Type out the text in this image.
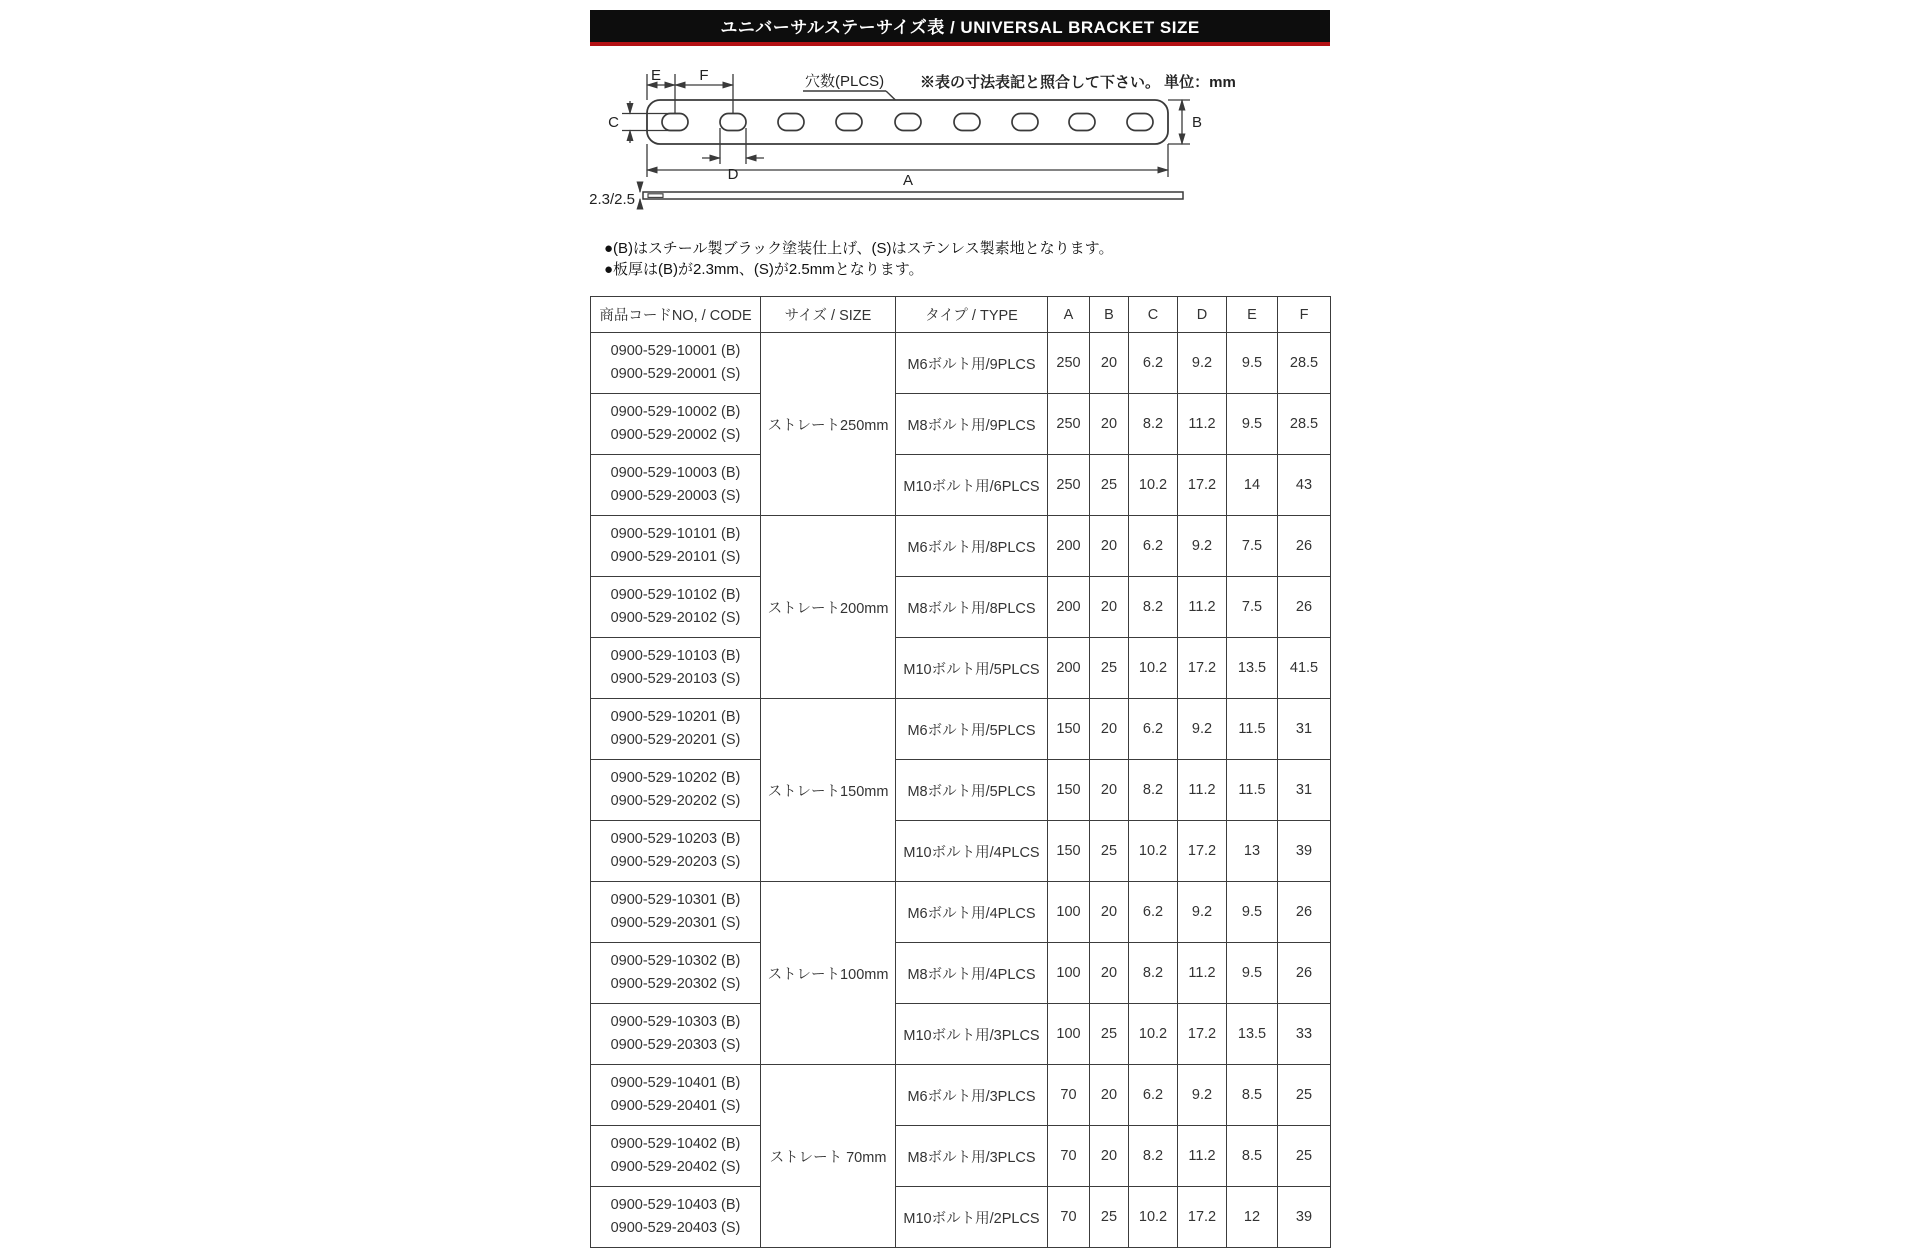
ユニバーサルステーサイズ表 / UNIVERSAL BRACKET SIZE
穴数(PLCS) ※表の寸法表記と照合して下さい。 単位：mm
E	F
C	B
D	A
2.3/2.5
●(B)はスチール製ブラック塗装仕上げ、(S)はステンレス製素地となります。
●板厚は(B)が2.3mm、(S)が2.5mmとなります。
商品コードNO, / CODE	サイズ / SIZE	タイプ / TYPE	A	B	C	D	E	F

0900-529-10001 (B)
0900-529-20001 (S)	ストレート250mm	M6ボルト用/9PLCS	250	20	6.2	9.2	9.5	28.5

0900-529-10002 (B)
0900-529-20002 (S)		M8ボルト用/9PLCS	250	20	8.2	11.2	9.5	28.5

0900-529-10003 (B)
0900-529-20003 (S)		M10ボルト用/6PLCS	250	25	10.2	17.2	14	43

0900-529-10101 (B)
0900-529-20101 (S)	ストレート200mm	M6ボルト用/8PLCS	200	20	6.2	9.2	7.5	26

0900-529-10102 (B)
0900-529-20102 (S)		M8ボルト用/8PLCS	200	20	8.2	11.2	7.5	26

0900-529-10103 (B)
0900-529-20103 (S)		M10ボルト用/5PLCS	200	25	10.2	17.2	13.5	41.5

0900-529-10201 (B)
0900-529-20201 (S)	ストレート150mm	M6ボルト用/5PLCS	150	20	6.2	9.2	11.5	31

0900-529-10202 (B)
0900-529-20202 (S)		M8ボルト用/5PLCS	150	20	8.2	11.2	11.5	31

0900-529-10203 (B)
0900-529-20203 (S)		M10ボルト用/4PLCS	150	25	10.2	17.2	13	39

0900-529-10301 (B)
0900-529-20301 (S)	ストレート100mm	M6ボルト用/4PLCS	100	20	6.2	9.2	9.5	26

0900-529-10302 (B)
0900-529-20302 (S)		M8ボルト用/4PLCS	100	20	8.2	11.2	9.5	26

0900-529-10303 (B)
0900-529-20303 (S)		M10ボルト用/3PLCS	100	25	10.2	17.2	13.5	33

0900-529-10401 (B)
0900-529-20401 (S)	ストレート 70mm	M6ボルト用/3PLCS	70	20	6.2	9.2	8.5	25

0900-529-10402 (B)
0900-529-20402 (S)		M8ボルト用/3PLCS	70	20	8.2	11.2	8.5	25

0900-529-10403 (B)
0900-529-20403 (S)		M10ボルト用/2PLCS	70	25	10.2	17.2	12	39
